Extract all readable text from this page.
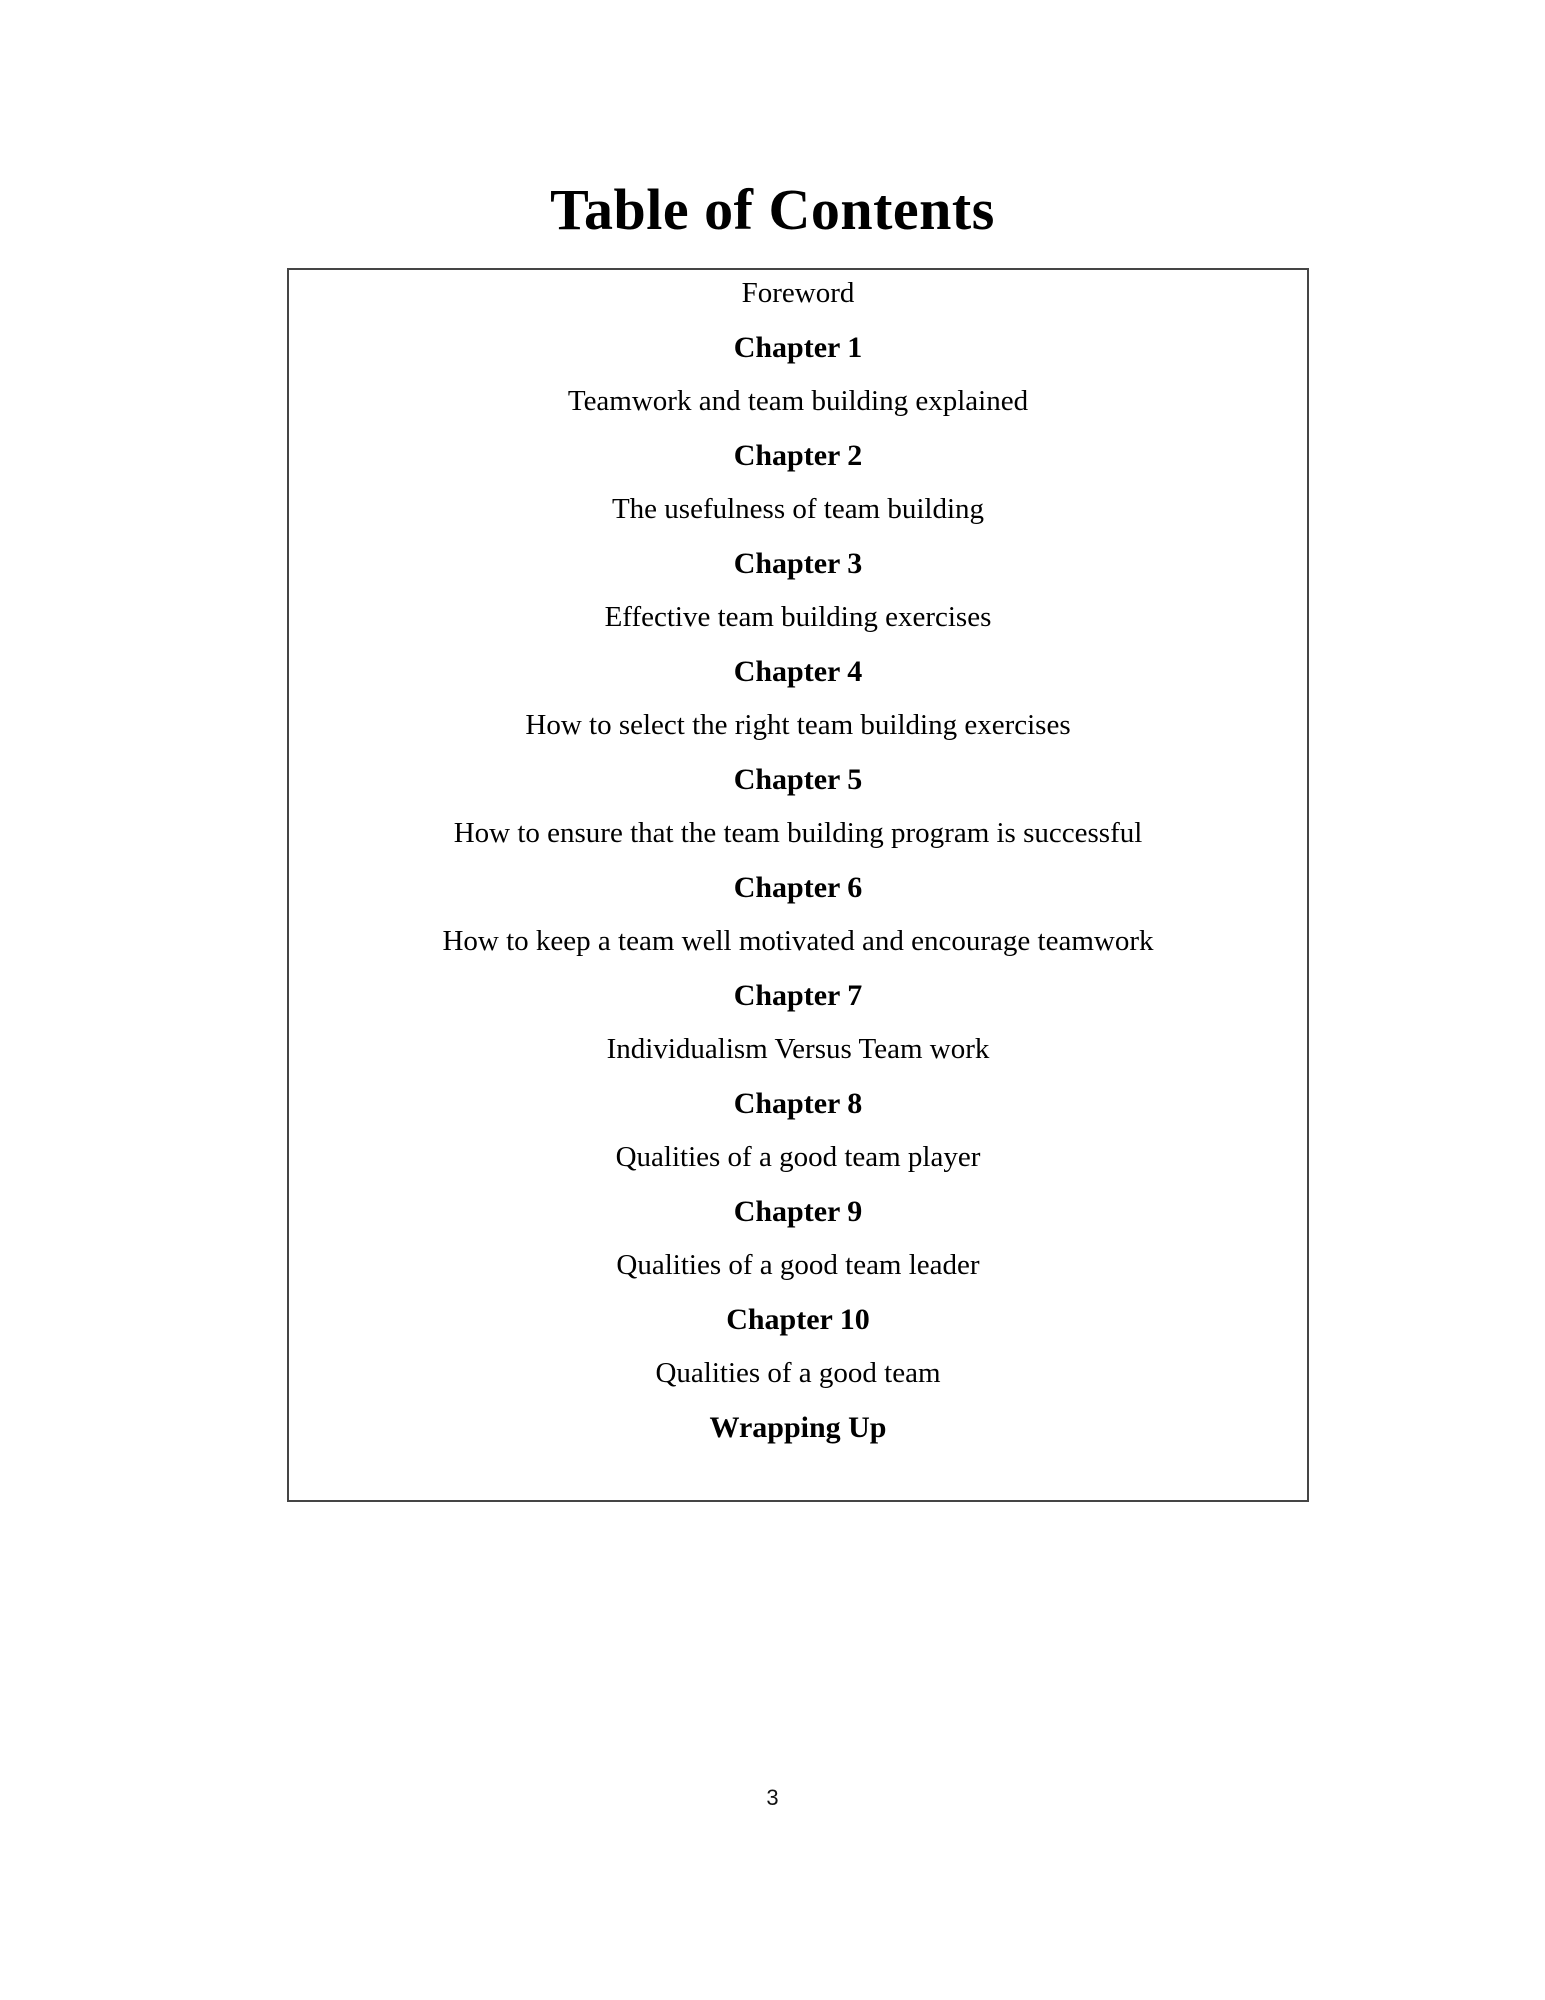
Table of Contents
Foreword
Chapter 1
Teamwork and team building explained
Chapter 2
The usefulness of team building
Chapter 3
Effective team building exercises
Chapter 4
How to select the right team building exercises
Chapter 5
How to ensure that the team building program is successful
Chapter 6
How to keep a team well motivated and encourage teamwork
Chapter 7
Individualism Versus Team work
Chapter 8
Qualities of a good team player
Chapter 9
Qualities of a good team leader
Chapter 10
Qualities of a good team
Wrapping Up
3
